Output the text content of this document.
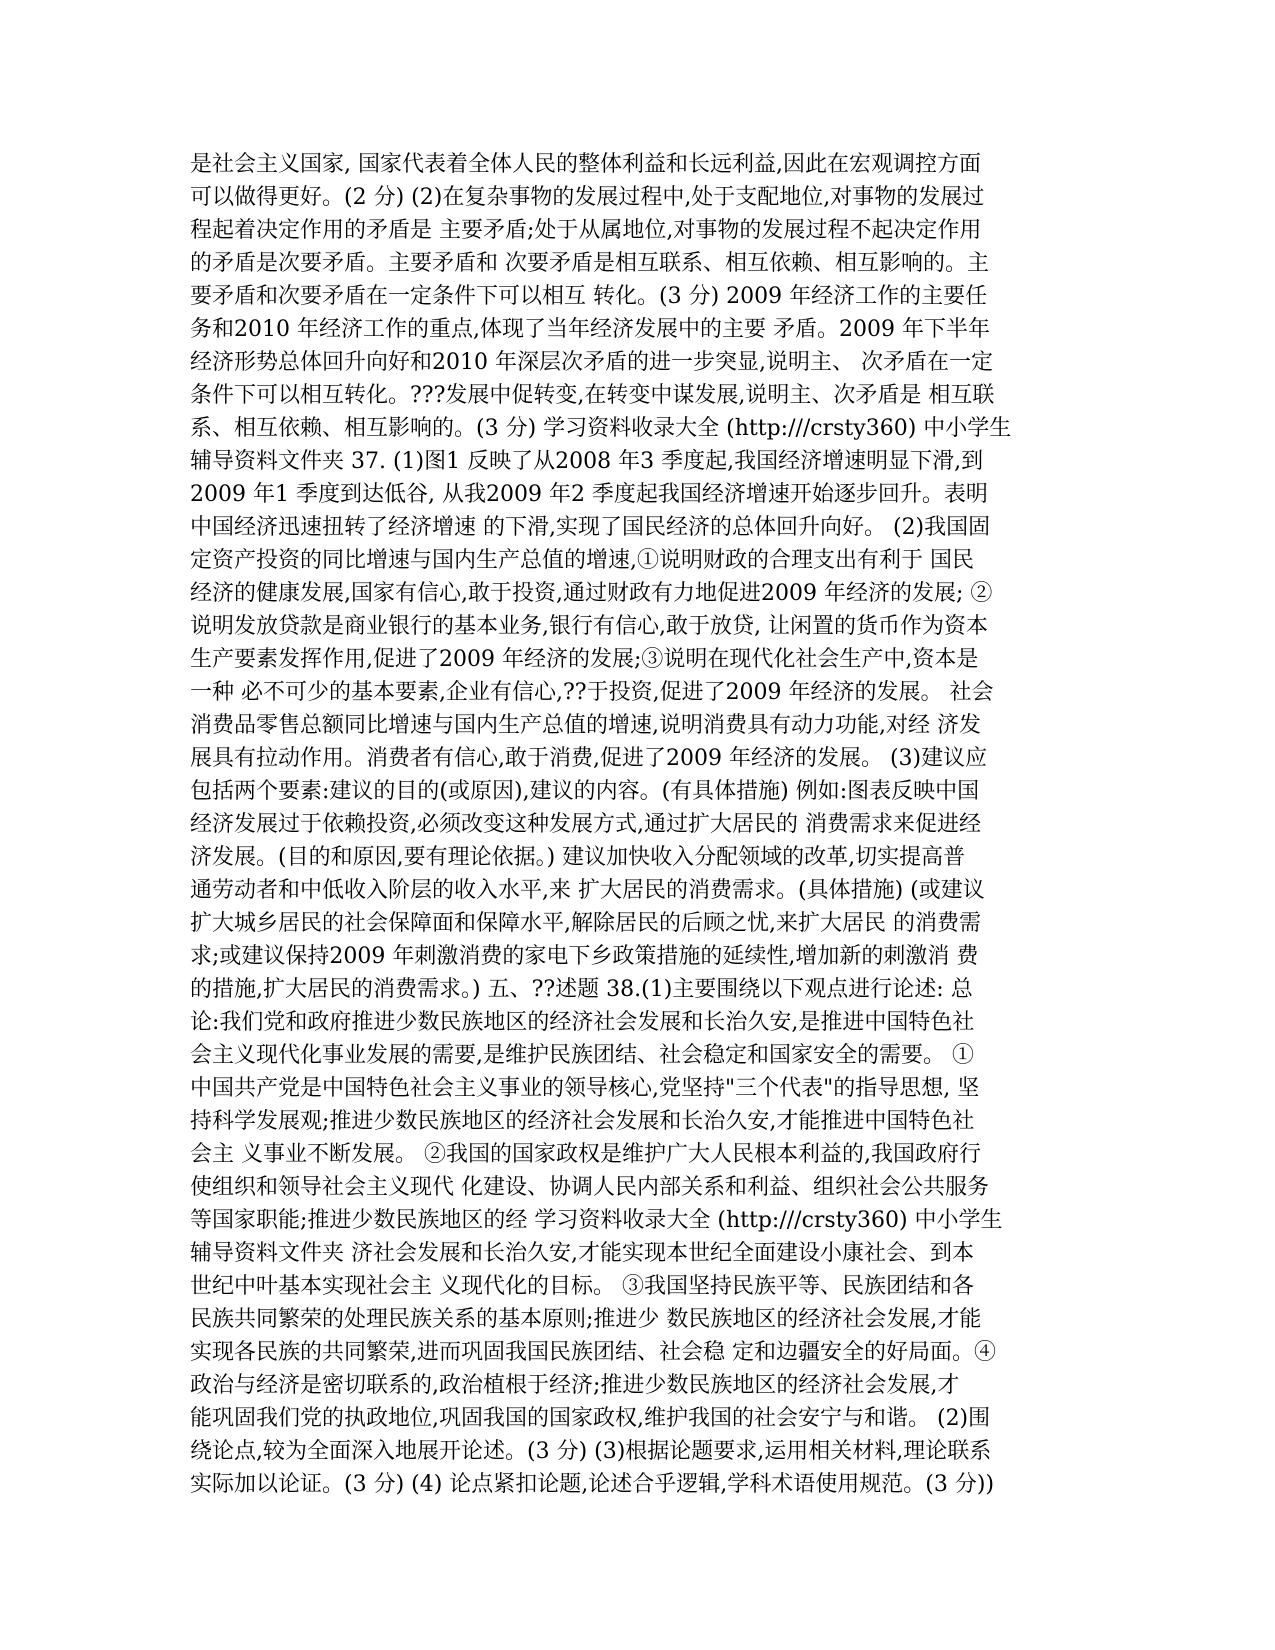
是社会主义国家, 国家代表着全体人民的整体利益和长远利益,因此在宏观调控方面
可以做得更好。(2 分) (2)在复杂事物的发展过程中,处于支配地位,对事物的发展过
程起着决定作用的矛盾是 主要矛盾;处于从属地位,对事物的发展过程不起决定作用
的矛盾是次要矛盾。主要矛盾和 次要矛盾是相互联系、相互依赖、相互影响的。主
要矛盾和次要矛盾在一定条件下可以相互 转化。(3 分) 2009 年经济工作的主要任
务和2010 年经济工作的重点,体现了当年经济发展中的主要 矛盾。2009 年下半年
经济形势总体回升向好和2010 年深层次矛盾的进一步突显,说明主、 次矛盾在一定
条件下可以相互转化。???发展中促转变,在转变中谋发展,说明主、次矛盾是 相互联
系、相互依赖、相互影响的。(3 分) 学习资料收录大全 (http:///crsty360) 中小学生
辅导资料文件夹 37. (1)图1 反映了从2008 年3 季度起,我国经济增速明显下滑,到
2009 年1 季度到达低谷, 从我2009 年2 季度起我国经济增速开始逐步回升。表明
中国经济迅速扭转了经济增速 的下滑,实现了国民经济的总体回升向好。 (2)我国固
定资产投资的同比增速与国内生产总值的增速,①说明财政的合理支出有利于 国民
经济的健康发展,国家有信心,敢于投资,通过财政有力地促进2009 年经济的发展; ②
说明发放贷款是商业银行的基本业务,银行有信心,敢于放贷, 让闲置的货币作为资本
生产要素发挥作用,促进了2009 年经济的发展;③说明在现代化社会生产中,资本是
一种 必不可少的基本要素,企业有信心,??于投资,促进了2009 年经济的发展。 社会
消费品零售总额同比增速与国内生产总值的增速,说明消费具有动力功能,对经 济发
展具有拉动作用。消费者有信心,敢于消费,促进了2009 年经济的发展。 (3)建议应
包括两个要素:建议的目的(或原因),建议的内容。(有具体措施) 例如:图表反映中国
经济发展过于依赖投资,必须改变这种发展方式,通过扩大居民的 消费需求来促进经
济发展。(目的和原因,要有理论依据。) 建议加快收入分配领域的改革,切实提高普
通劳动者和中低收入阶层的收入水平,来 扩大居民的消费需求。(具体措施) (或建议
扩大城乡居民的社会保障面和保障水平,解除居民的后顾之忧,来扩大居民 的消费需
求;或建议保持2009 年刺激消费的家电下乡政策措施的延续性,增加新的刺激消 费
的措施,扩大居民的消费需求。) 五、??述题 38.(1)主要围绕以下观点进行论述: 总
论:我们党和政府推进少数民族地区的经济社会发展和长治久安,是推进中国特色社
会主义现代化事业发展的需要,是维护民族团结、社会稳定和国家安全的需要。 ①
中国共产党是中国特色社会主义事业的领导核心,党坚持"三个代表"的指导思想, 坚
持科学发展观;推进少数民族地区的经济社会发展和长治久安,才能推进中国特色社
会主 义事业不断发展。 ②我国的国家政权是维护广大人民根本利益的,我国政府行
使组织和领导社会主义现代 化建设、协调人民内部关系和利益、组织社会公共服务
等国家职能;推进少数民族地区的经 学习资料收录大全 (http:///crsty360) 中小学生
辅导资料文件夹 济社会发展和长治久安,才能实现本世纪全面建设小康社会、到本
世纪中叶基本实现社会主 义现代化的目标。 ③我国坚持民族平等、民族团结和各
民族共同繁荣的处理民族关系的基本原则;推进少 数民族地区的经济社会发展,才能
实现各民族的共同繁荣,进而巩固我国民族团结、社会稳 定和边疆安全的好局面。④
政治与经济是密切联系的,政治植根于经济;推进少数民族地区的经济社会发展,才
能巩固我们党的执政地位,巩固我国的国家政权,维护我国的社会安宁与和谐。 (2)围
绕论点,较为全面深入地展开论述。(3 分) (3)根据论题要求,运用相关材料,理论联系
实际加以论证。(3 分) (4) 论点紧扣论题,论述合乎逻辑,学科术语使用规范。(3 分))
